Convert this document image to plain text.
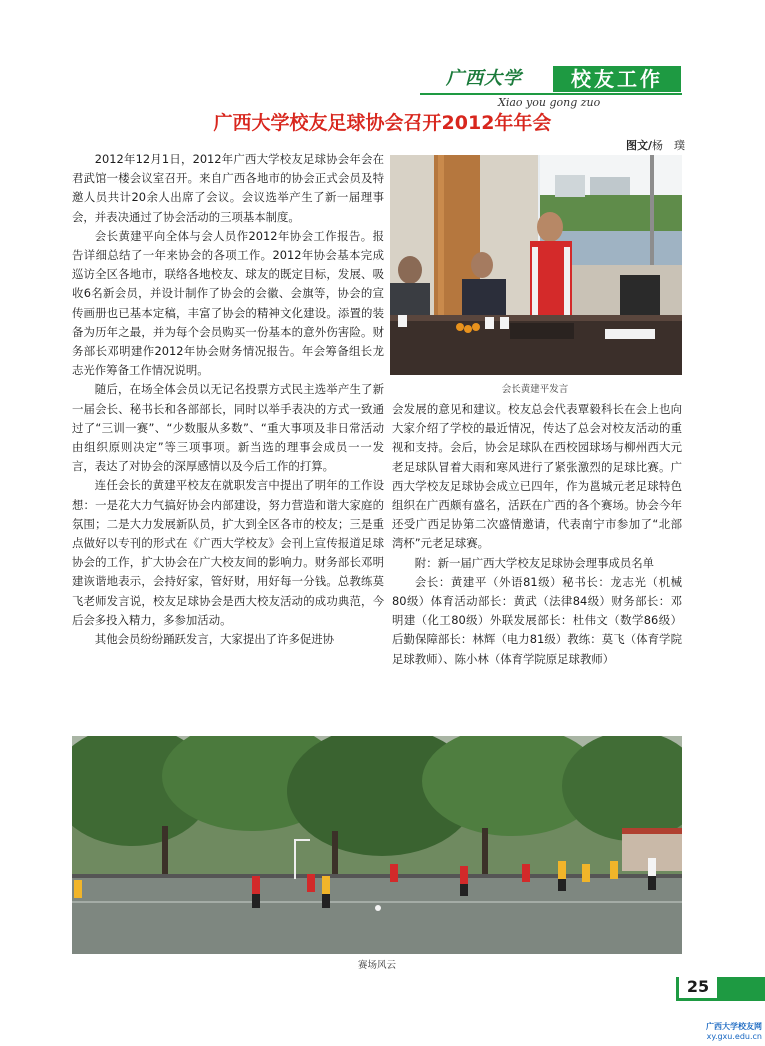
广西大学	校友工作
Xiao you gong zuo
广西大学校友足球协会召开2012年年会
图文/杨　璞
会长黄建平发言

2012年12月1日，2012年广西大学校友足球协会年会在君武馆一楼会议室召开。来自广西各地市的协会正式会员及特邀人员共计20余人出席了会议。会议选举产生了新一届理事会，并表决通过了协会活动的三项基本制度。

会长黄建平向全体与会人员作2012年协会工作报告。报告详细总结了一年来协会的各项工作。2012年协会基本完成巡访全区各地市，联络各地校友、球友的既定目标，发展、吸收6名新会员，并设计制作了协会的会徽、会旗等，协会的宣传画册也已基本定稿，丰富了协会的精神文化建设。添置的装备为历年之最，并为每个会员购买一份基本的意外伤害险。财务部长邓明建作2012年协会财务情况报告。年会筹备组长龙志光作筹备工作情况说明。

随后，在场全体会员以无记名投票方式民主选举产生了新一届会长、秘书长和各部部长，同时以举手表决的方式一致通过了“三训一赛”、“少数服从多数”、“重大事项及非日常活动由组织原则决定”等三项事项。新当选的理事会成员一一发言，表达了对协会的深厚感情以及今后工作的打算。

连任会长的黄建平校友在就职发言中提出了明年的工作设想：一是花大力气搞好协会内部建设，努力营造和谐大家庭的氛围；二是大力发展新队员，扩大到全区各市的校友；三是重点做好以专刊的形式在《广西大学校友》会刊上宣传报道足球协会的工作，扩大协会在广大校友间的影响力。财务部长邓明建诙谐地表示，会持好家，管好财，用好每一分钱。总教练莫飞老师发言说，校友足球协会是西大校友活动的成功典范，今后会多投入精力，多参加活动。

其他会员纷纷踊跃发言，大家提出了许多促进协

会发展的意见和建议。校友总会代表覃毅科长在会上也向大家介绍了学校的最近情况，传达了总会对校友活动的重视和支持。会后，协会足球队在西校园球场与柳州西大元老足球队冒着大雨和寒风进行了紧张激烈的足球比赛。广西大学校友足球协会成立已四年，作为邕城元老足球特色组织在广西颇有盛名，活跃在广西的各个赛场。协会今年还受广西足协第二次盛情邀请，代表南宁市参加了“北部湾杯”元老足球赛。

附：新一届广西大学校友足球协会理事成员名单

会长：黄建平（外语81级）秘书长：龙志光（机械80级）体育活动部长：黄武（法律84级）财务部长：邓明建（化工80级）外联发展部长：杜伟文（数学86级）后勤保障部长：林辉（电力81级）教练：莫飞（体育学院足球教师）、陈小林（体育学院原足球教师）

赛场风云
25
广西大学校友网
xy.gxu.edu.cn
